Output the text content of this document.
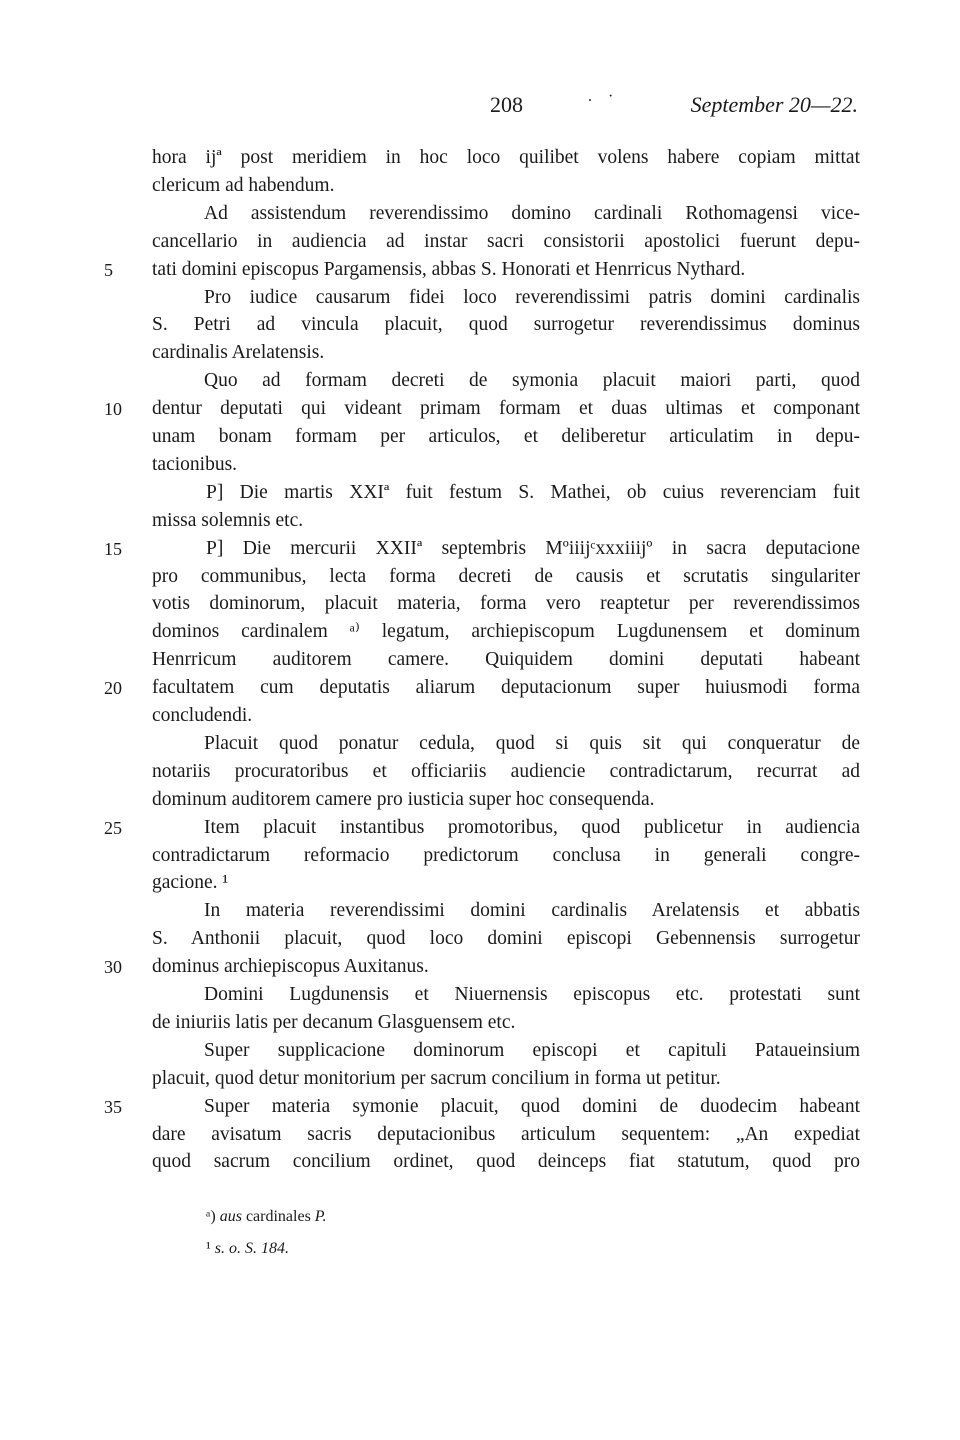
208	. ·	September 20—22.
hora ijª post meridiem in hoc loco quilibet volens habere copiam mittat
clericum ad habendum.
Ad assistendum reverendissimo domino cardinali Rothomagensi vice-
cancellario in audiencia ad instar sacri consistorii apostolici fuerunt depu-
tati domini episcopus Pargamensis, abbas S. Honorati et Henrricus Nythard.
5
Pro iudice causarum fidei loco reverendissimi patris domini cardinalis
S. Petri ad vincula placuit, quod surrogetur reverendissimus dominus
cardinalis Arelatensis.
Quo ad formam decreti de symonia placuit maiori parti, quod
dentur deputati qui videant primam formam et duas ultimas et componant
10
unam bonam formam per articulos, et deliberetur articulatim in depu-
tacionibus.
P] Die martis XXIª fuit festum S. Mathei, ob cuius reverenciam fuit
missa solemnis etc.
P] Die mercurii XXIIª septembris Mºiiijᶜxxxiiijº in sacra deputacione
15
pro communibus, lecta forma decreti de causis et scrutatis singulariter
votis dominorum, placuit materia, forma vero reaptetur per reverendissimos
dominos cardinalem ᵃ⁾ legatum, archiepiscopum Lugdunensem et dominum
Henrricum auditorem camere. Quiquidem domini deputati habeant
facultatem cum deputatis aliarum deputacionum super huiusmodi forma
20
concludendi.
Placuit quod ponatur cedula, quod si quis sit qui conqueratur de
notariis procuratoribus et officiariis audiencie contradictarum, recurrat ad
dominum auditorem camere pro iusticia super hoc consequenda.
Item placuit instantibus promotoribus, quod publicetur in audiencia
25
contradictarum reformacio predictorum conclusa in generali congre-
gacione. ¹
In materia reverendissimi domini cardinalis Arelatensis et abbatis
S. Anthonii placuit, quod loco domini episcopi Gebennensis surrogetur
dominus archiepiscopus Auxitanus.
30
Domini Lugdunensis et Niuernensis episcopus etc. protestati sunt
de iniuriis latis per decanum Glasguensem etc.
Super supplicacione dominorum episcopi et capituli Pataueinsium
placuit, quod detur monitorium per sacrum concilium in forma ut petitur.
Super materia symonie placuit, quod domini de duodecim habeant
35
dare avisatum sacris deputacionibus articulum sequentem: „An expediat
quod sacrum concilium ordinet, quod deinceps fiat statutum, quod pro
ᵃ) aus cardinales P.
¹ s. o. S. 184.
